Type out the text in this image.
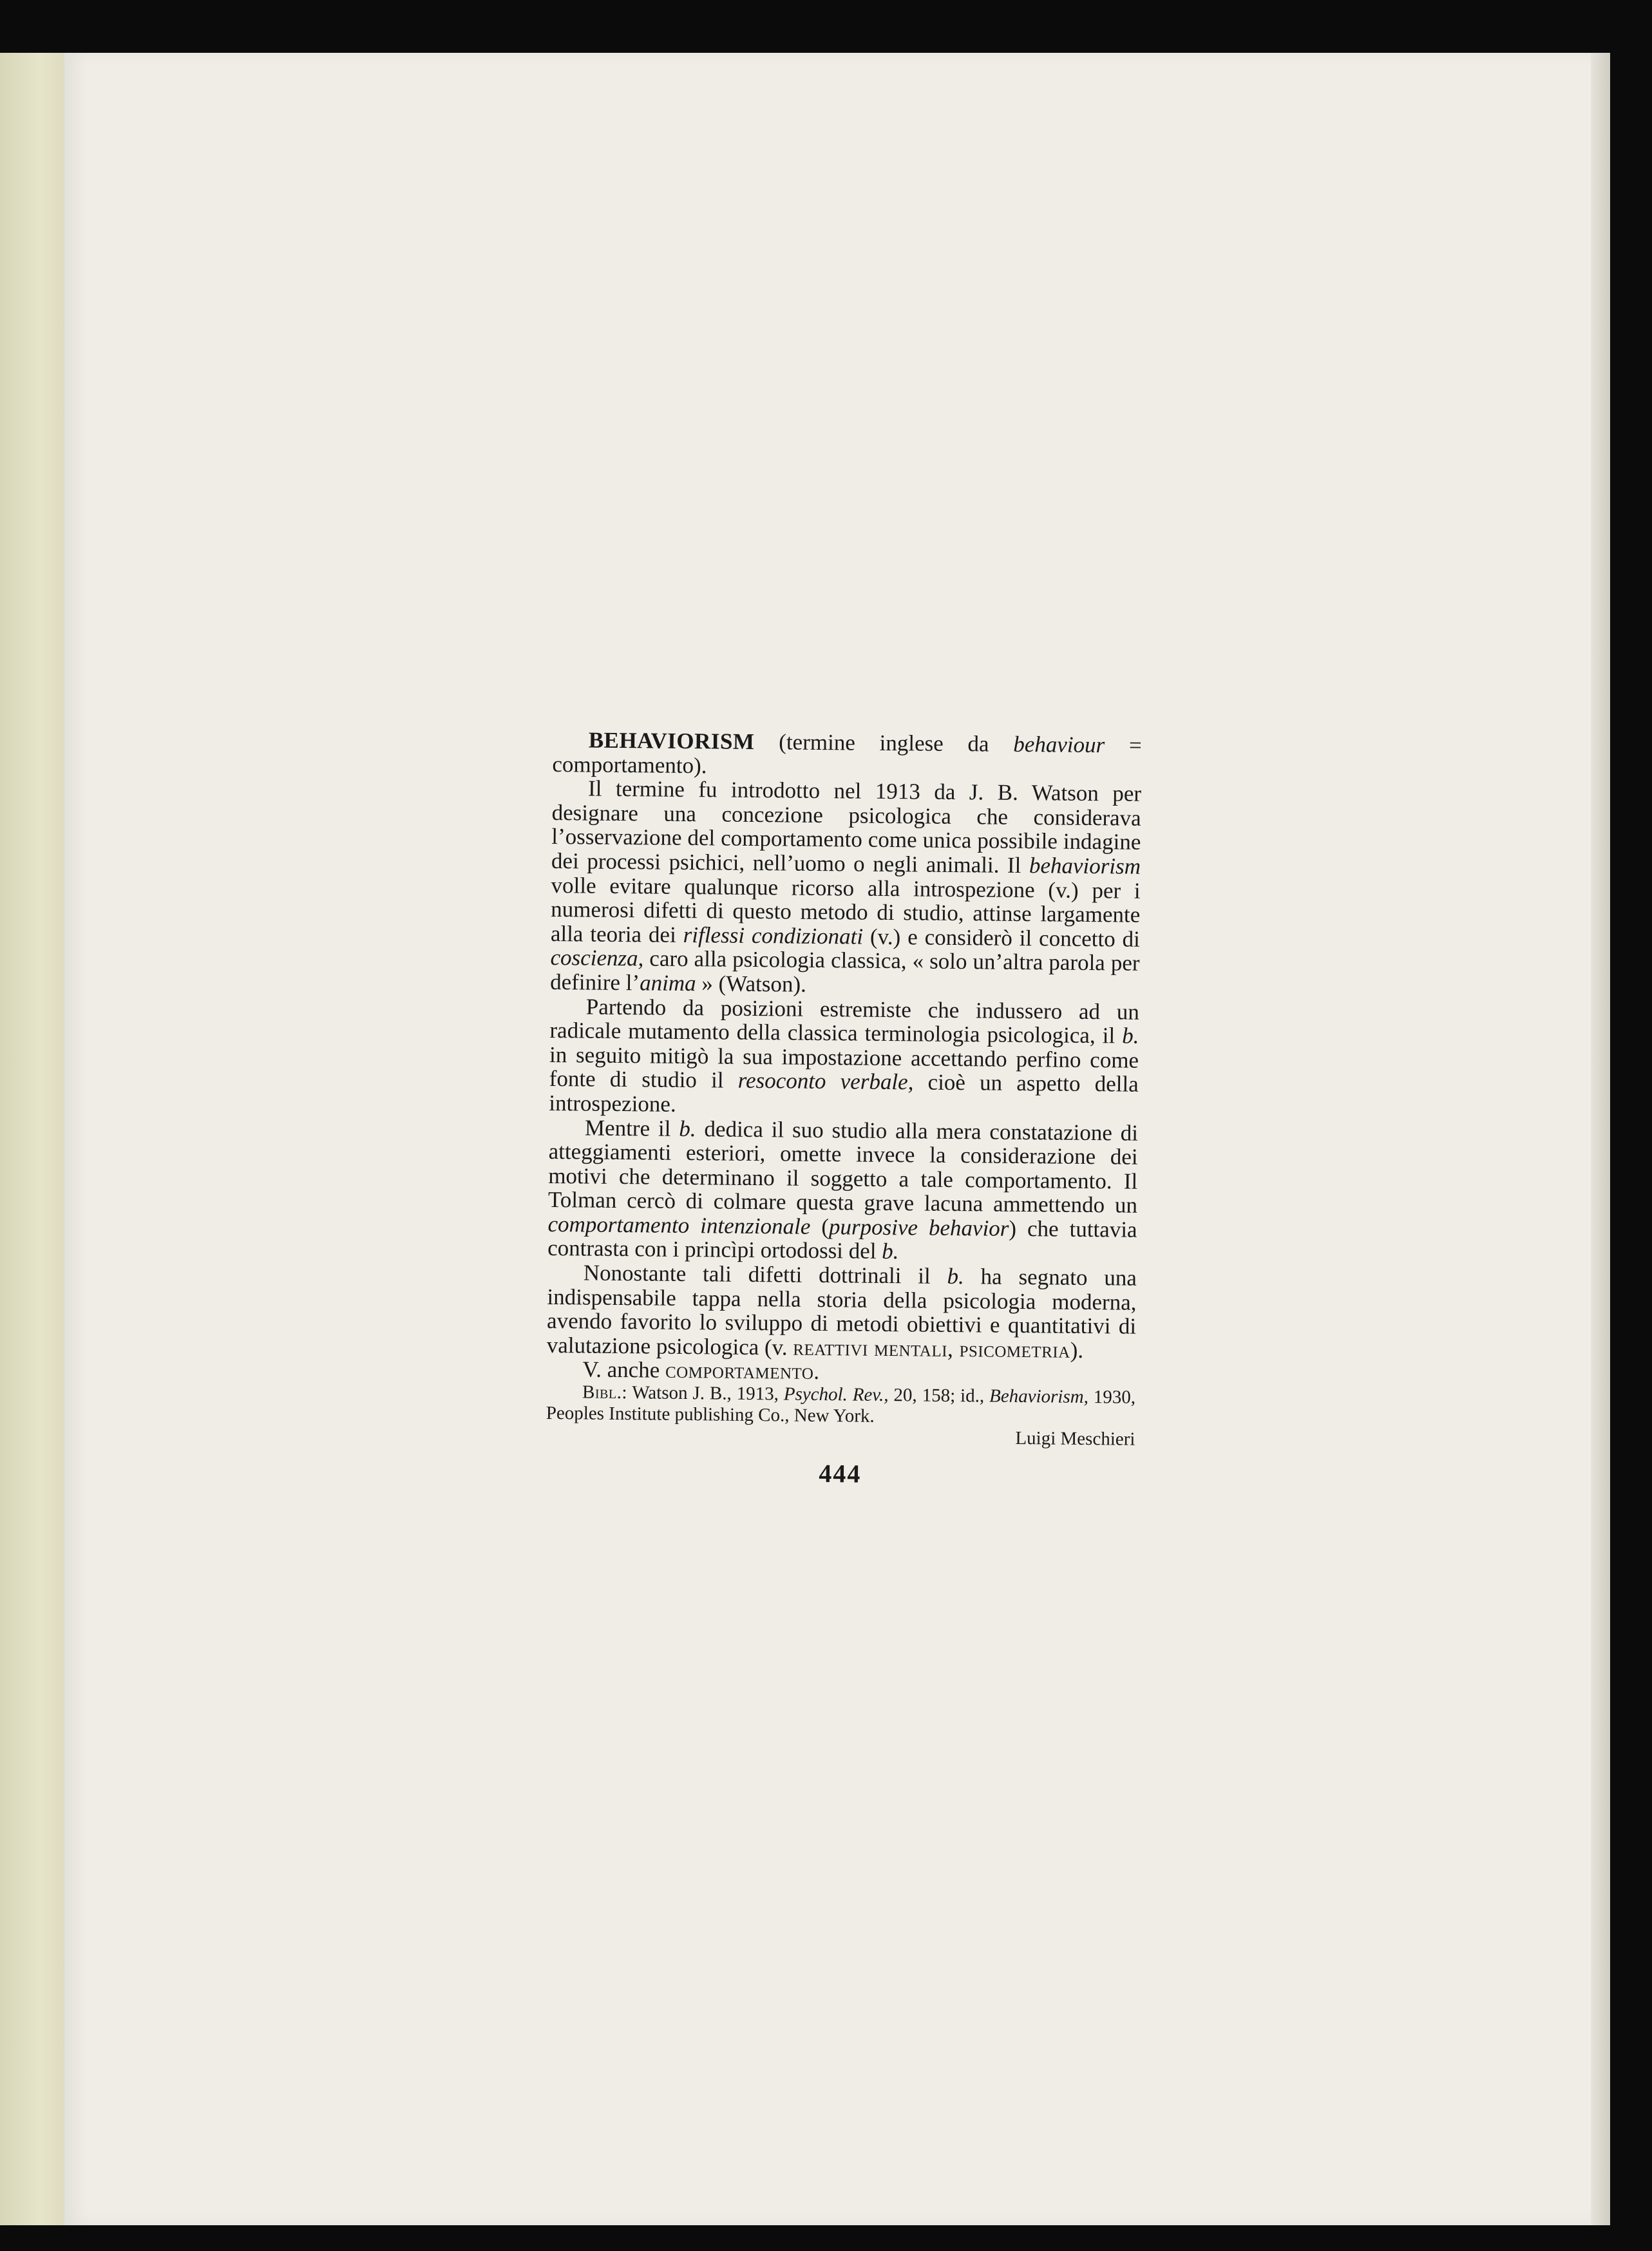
BEHAVIORISM (termine inglese da behaviour = comportamento).

Il termine fu introdotto nel 1913 da J. B. Watson per designare una concezione psicologica che considerava l’osservazione del comportamento come unica possibile indagine dei processi psichici, nell’uomo o negli animali. Il behaviorism volle evitare qualunque ricorso alla introspezione (v.) per i numerosi difetti di questo metodo di studio, attinse largamente alla teoria dei riflessi condizionati (v.) e considerò il concetto di coscienza, caro alla psicologia classica, « solo un’altra parola per definire l’anima » (Watson).

Partendo da posizioni estremiste che indussero ad un radicale mutamento della classica terminologia psicologica, il b. in seguito mitigò la sua impostazione accettando perfino come fonte di studio il resoconto verbale, cioè un aspetto della introspezione.

Mentre il b. dedica il suo studio alla mera constatazione di atteggiamenti esteriori, omette invece la considerazione dei motivi che determinano il soggetto a tale comportamento. Il Tolman cercò di colmare questa grave lacuna ammettendo un comportamento intenzionale (purposive behavior) che tuttavia contrasta con i princìpi ortodossi del b.

Nonostante tali difetti dottrinali il b. ha segnato una indispensabile tappa nella storia della psicologia moderna, avendo favorito lo sviluppo di metodi obiettivi e quantitativi di valutazione psicologica (v. reattivi mentali, psicometria).

V. anche comportamento.

Bibl.: Watson J. B., 1913, Psychol. Rev., 20, 158; id., Behaviorism, 1930, Peoples Institute publishing Co., New York.

Luigi Meschieri

444
